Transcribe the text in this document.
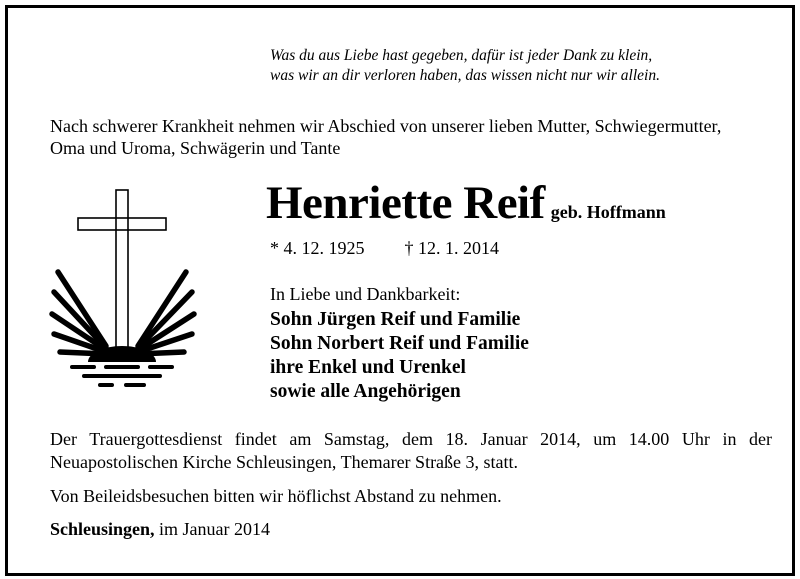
Was du aus Liebe hast gegeben, dafür ist jeder Dank zu klein,
was wir an dir verloren haben, das wissen nicht nur wir allein.
Nach schwerer Krankheit nehmen wir Abschied von unserer lieben Mutter, Schwiegermutter,
Oma und Uroma, Schwägerin und Tante
Henriette Reif geb. Hoffmann
* 4. 12. 1925 † 12. 1. 2014
In Liebe und Dankbarkeit:
Sohn Jürgen Reif und Familie
Sohn Norbert Reif und Familie
ihre Enkel und Urenkel
sowie alle Angehörigen
Der Trauergottesdienst findet am Samstag, dem 18. Januar 2014, um 14.00 Uhr in der
Neuapostolischen Kirche Schleusingen, Themarer Straße 3, statt.
Von Beileidsbesuchen bitten wir höflichst Abstand zu nehmen.
Schleusingen, im Januar 2014
